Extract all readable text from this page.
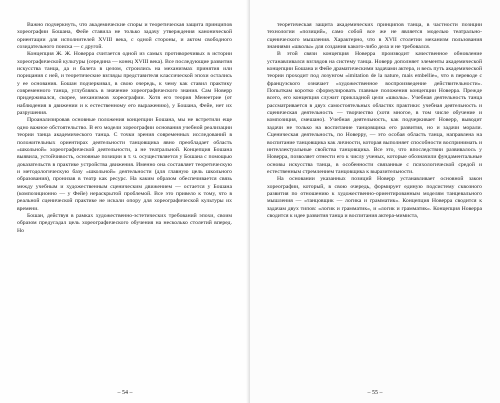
Важно подчеркнуть, что академические споры и теоретическая защита принципов хореографии Бошана, Фейе ставила не только задачу утверждения канонической ориентации для исполнителей XVIII века, с одной стороны, и актом свободного созидательного поиска — с другой.

Концепция Ж. Ж. Новерра считается одной из самых противоречивых в истории хореографической культуры (середина — конец XVIII века). Все последующие развития искусства танца, да и балета в целом, строились на механизмах принятия или порицания с ней, и теоретические взгляды представителя классической эпохи остались у ее основания. Бошан подчеркивал, в свою очередь, к чему как ставил практику современного танца, углубляясь в значение хореографического знания. Сам Новерр придерживался, скорее, механизмов хореографии. Хотя его теория Менеетрие (от наблюдения в движении и к естественному его выражению), у Бошана, Фейе, нет их разрушения.

Проанализировав основные положения концепции Бошана, мы не встретили еще одно важное обстоятельство. В его модели хореографии основания учебной реализации теории танца академического танца. С точки зрения современных исследований в положительных ориентирах деятельности танцовщика явно преобладает область «школьной» хореографической деятельности, а не театральной. Концепция Бошана выявила, устойчивость, основные позиции в т. ч. осуществляется у Бошана с помощью доказательств в практике устройства движения. Именно она составляет теоретическую и методологическую базу «школьной» деятельности (для главную цель школьного образования), пронизав в театр как ресурс. На каким образом обеспечивается связь между учебным и художественным сценическим движением — остается у Бошана (композиционно — у Фейе) нераскрытой проблемой. Все это привело к тому, что в реальной сценической практике не искали опору для хореографической культуры их времени.

Бошан, действуя в рамках художественно-эстетических требований эпохи, своим образом предугадал цель хореографического обучения на несколько столетий вперед. Но

– 54 –

теоретическая защита академических принципов танца, в частности позиции технологии «позиций», само собой все же не является моделью театрально-сценического мышления. Характерно, что в XVII столетии механизм пользования знаниями «школы» для создания какого-либо дела и не требовался.

В этой связи концепция Новерра производит качественное обновление устанавливался взглядов на систему танца. Новерр дополняет элементы академической концепции Бошана и Фейе драматическими задачами актера, и весь путь академической теории проходит под лозунгом «imitation de la nature, mais embellie», что в переводе с французского означает «художественное воспроизведение действительности». Попыткам коротко сформулировать главные положения концепции Новерра. Прежде всего, его концепция служит прикладной цели «школы». Учебная деятельность танца рассматривается в двух самостоятельных областях практики: учебная деятельность и сценическая деятельность — творчество (хотя многое, в том числе обучение и композиция, смешано). Учебная деятельность, как подчеркивает Новерр, выводит задачи не только на воспитание танцовщика его развития, но и задачи морали. Сценическая деятельность, по Новерру, — это особая область танца, направлена на воспитание танцовщика как личности, которая выполняет способности воспринимать и интеллектуальные свойства танцовщика. Все это, что впоследствии развивалось у Новерра, позволяет отнести его к числу ученых, которые обозначили фундаментальные основы искусства танца, в особенности связанные с психологической средой и естественным стремлением танцовщика к выразительности.

На основании указанных позиций Новерр устанавливает основной закон хореографии, который, в свою очередь, формирует единую подсистему сквозного развития по отношению к художественно-ориентированным моделям танцевального мышления — «танцовщик — логика и грамматик». Концепция Новерра сводится к задачам двух типов: «логик и грамматик», и «логик и грамматик». Концепция Новерра сводится к идее развития танца и воспитания актера-мимиста,

– 55 –
